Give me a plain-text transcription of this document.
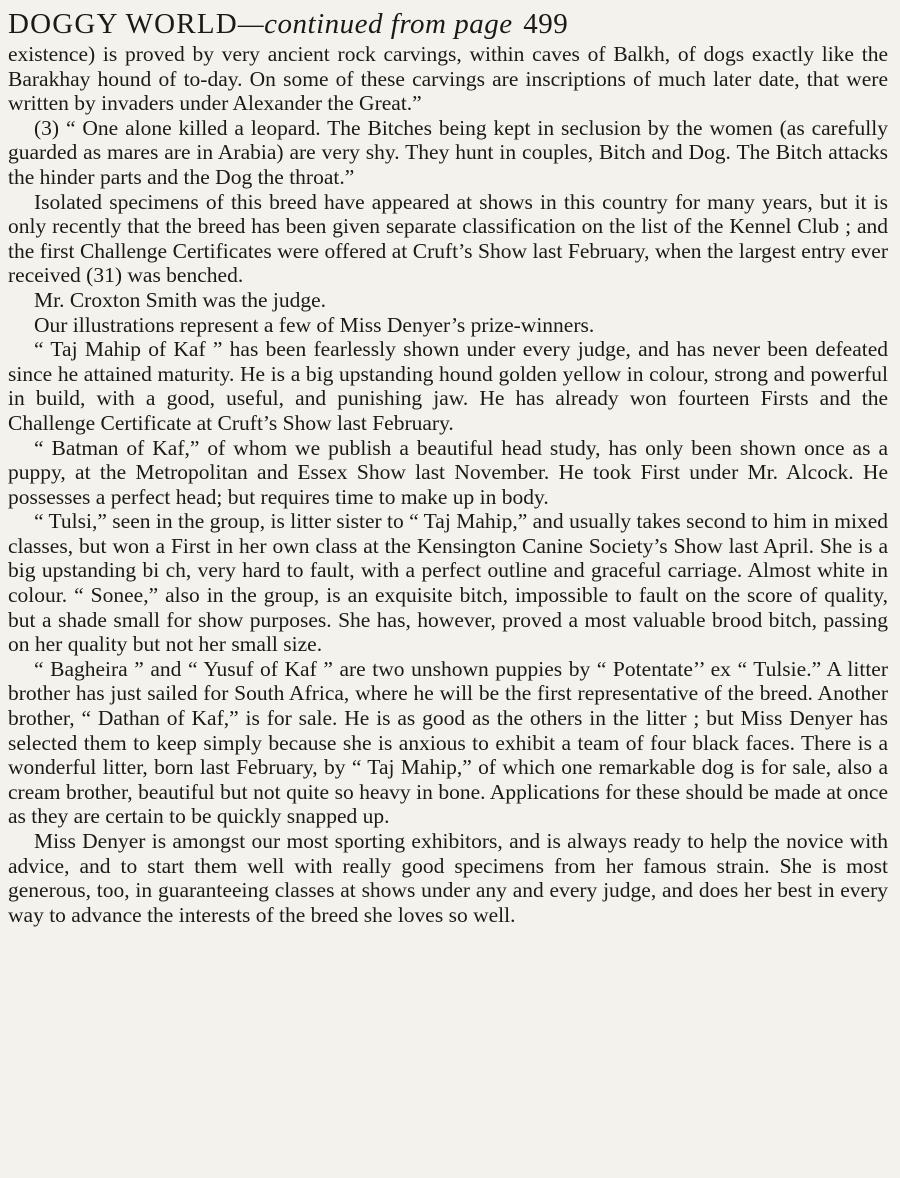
DOGGY WORLD—continued from page 499

existence) is proved by very ancient rock carvings, within caves of Balkh, of dogs exactly like the Barakhay hound of to-day. On some of these carvings are inscriptions of much later date, that were written by invaders under Alexander the Great.”

(3) “ One alone killed a leopard. The Bitches being kept in seclusion by the women (as carefully guarded as mares are in Arabia) are very shy. They hunt in couples, Bitch and Dog. The Bitch attacks the hinder parts and the Dog the throat.”

Isolated specimens of this breed have appeared at shows in this country for many years, but it is only recently that the breed has been given separate classification on the list of the Kennel Club ; and the first Challenge Certificates were offered at Cruft’s Show last February, when the largest entry ever received (31) was benched.

Mr. Croxton Smith was the judge.

Our illustrations represent a few of Miss Denyer’s prize-winners.

“ Taj Mahip of Kaf ” has been fearlessly shown under every judge, and has never been defeated since he attained maturity. He is a big upstanding hound golden yellow in colour, strong and powerful in build, with a good, useful, and punishing jaw. He has already won fourteen Firsts and the Challenge Certificate at Cruft’s Show last February.

“ Batman of Kaf,” of whom we publish a beautiful head study, has only been shown once as a puppy, at the Metropolitan and Essex Show last November. He took First under Mr. Alcock. He possesses a perfect head; but requires time to make up in body.

“ Tulsi,” seen in the group, is litter sister to “ Taj Mahip,” and usually takes second to him in mixed classes, but won a First in her own class at the Kensington Canine Society’s Show last April. She is a big upstanding bi ch, very hard to fault, with a perfect outline and graceful carriage. Almost white in colour. “ Sonee,” also in the group, is an exquisite bitch, impossible to fault on the score of quality, but a shade small for show purposes. She has, however, proved a most valuable brood bitch, passing on her quality but not her small size.

“ Bagheira ” and “ Yusuf of Kaf ” are two unshown puppies by “ Potentate’’ ex “ Tulsie.” A litter brother has just sailed for South Africa, where he will be the first representative of the breed. Another brother, “ Dathan of Kaf,” is for sale. He is as good as the others in the litter ; but Miss Denyer has selected them to keep simply because she is anxious to exhibit a team of four black faces. There is a wonderful litter, born last February, by “ Taj Mahip,” of which one remarkable dog is for sale, also a cream brother, beautiful but not quite so heavy in bone. Applications for these should be made at once as they are certain to be quickly snapped up.

Miss Denyer is amongst our most sporting exhibitors, and is always ready to help the novice with advice, and to start them well with really good specimens from her famous strain. She is most generous, too, in guaranteeing classes at shows under any and every judge, and does her best in every way to advance the interests of the breed she loves so well.
